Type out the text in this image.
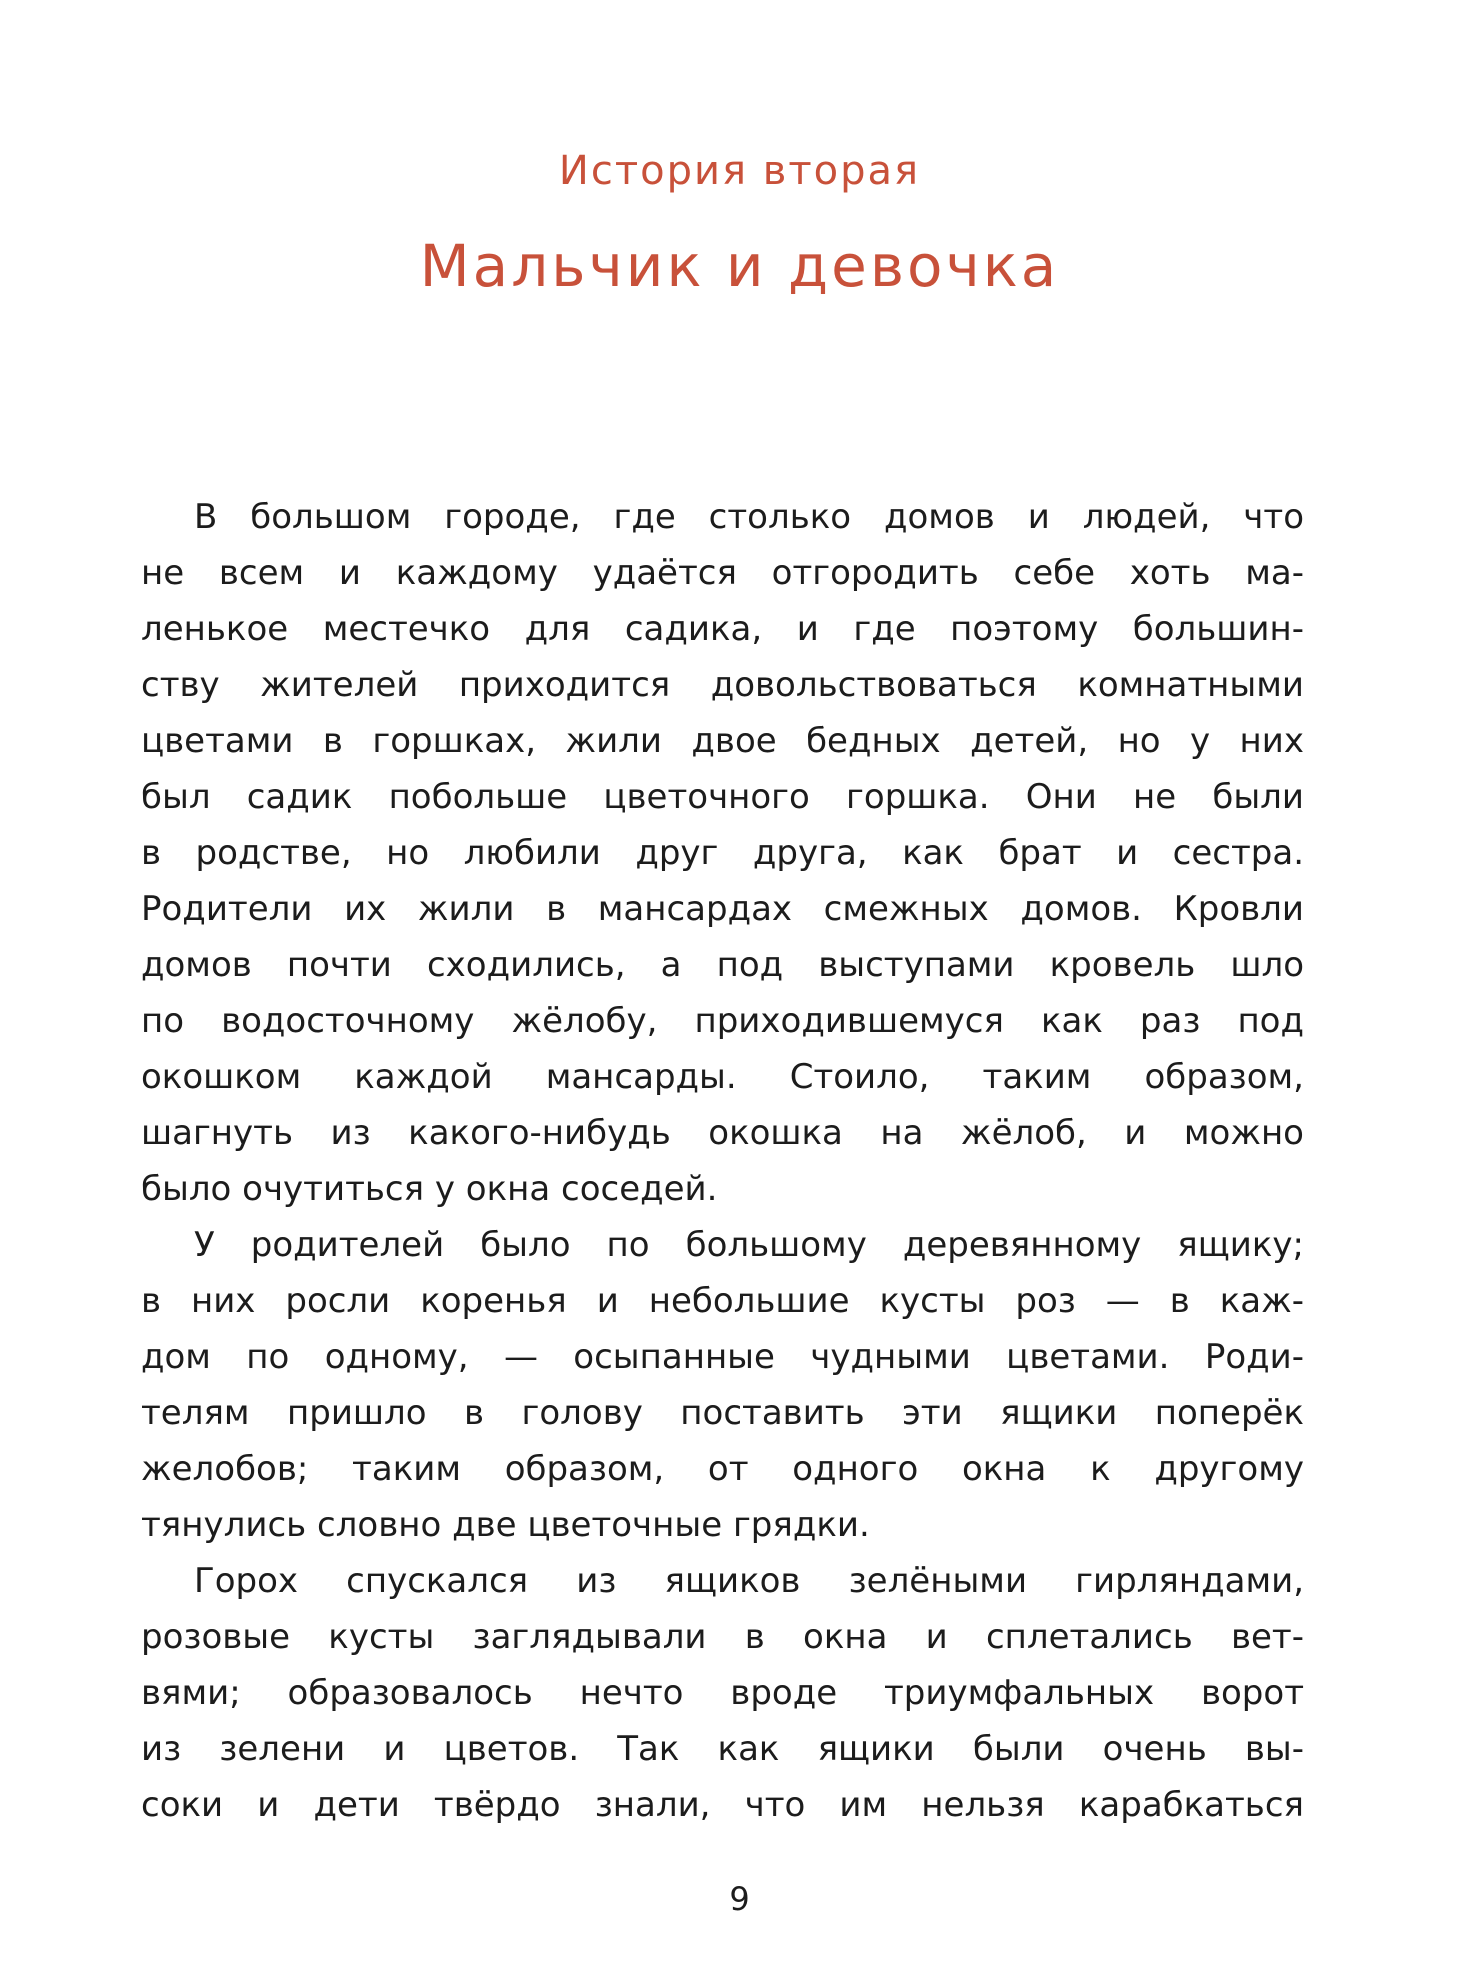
История вторая
Мальчик и девочка
В большом городе, где столько домов и людей, что
не всем и каждому удаётся отгородить себе хоть ма-
ленькое местечко для садика, и где поэтому большин-
ству жителей приходится довольствоваться комнатными
цветами в горшках, жили двое бедных детей, но у них
был садик побольше цветочного горшка. Они не были
в родстве, но любили друг друга, как брат и сестра.
Родители их жили в мансардах смежных домов. Кровли
домов почти сходились, а под выступами кровель шло
по водосточному жёлобу, приходившемуся как раз под
окошком каждой мансарды. Стоило, таким образом,
шагнуть из какого-нибудь окошка на жёлоб, и можно
было очутиться у окна соседей.
У родителей было по большому деревянному ящику;
в них росли коренья и небольшие кусты роз — в каж-
дом по одному, — осыпанные чудными цветами. Роди-
телям пришло в голову поставить эти ящики поперёк
желобов; таким образом, от одного окна к другому
тянулись словно две цветочные грядки.
Горох спускался из ящиков зелёными гирляндами,
розовые кусты заглядывали в окна и сплетались вет-
вями; образовалось нечто вроде триумфальных ворот
из зелени и цветов. Так как ящики были очень вы-
соки и дети твёрдо знали, что им нельзя карабкаться
9
